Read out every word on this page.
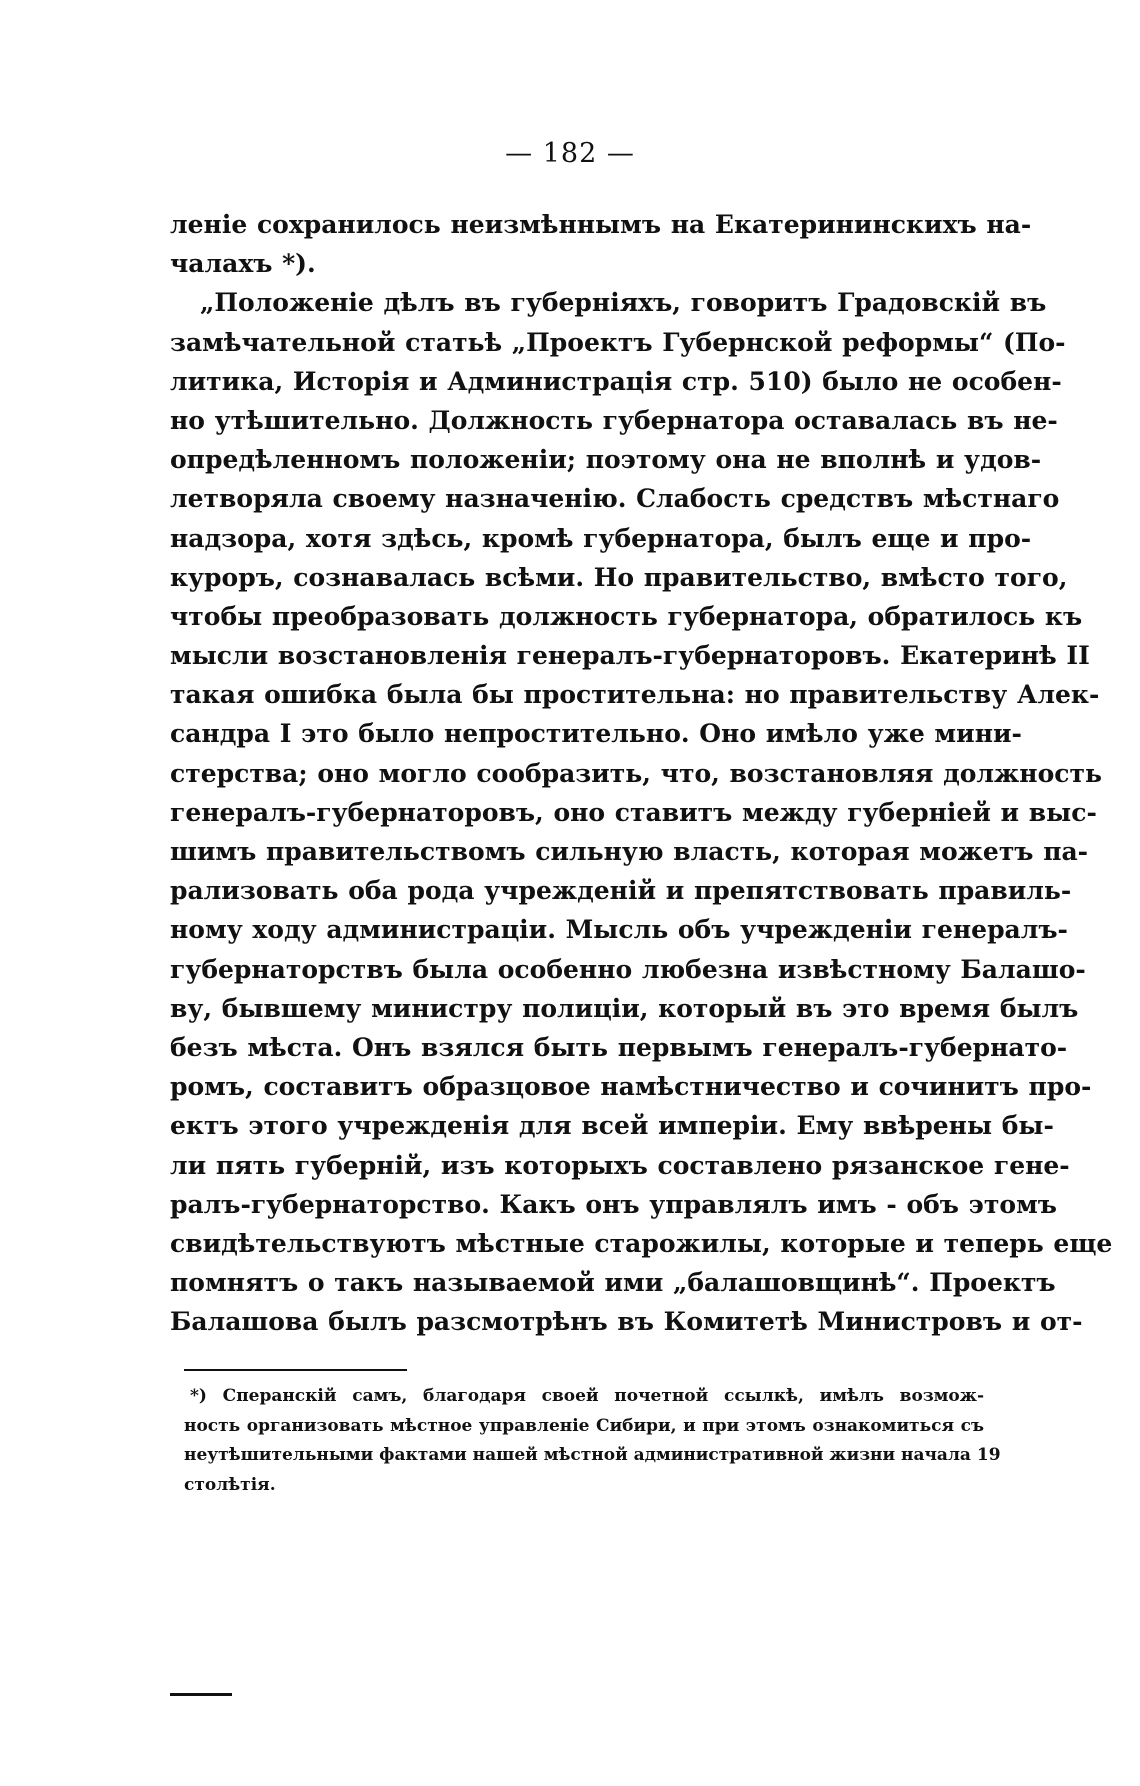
— 182 —
леніе сохранилось неизмѣннымъ на Екатерининскихъ на-
чалахъ *).
„Положеніе дѣлъ въ губерніяхъ, говоритъ Градовскій въ
замѣчательной статьѣ „Проектъ Губернской реформы“ (По-
литика, Исторія и Администрація стр. 510) было не особен-
но утѣшительно. Должность губернатора оставалась въ не-
опредѣленномъ положеніи; поэтому она не вполнѣ и удов-
летворяла своему назначенію. Слабость средствъ мѣстнаго
надзора, хотя здѣсь, кромѣ губернатора, былъ еще и про-
куроръ, сознавалась всѣми. Но правительство, вмѣсто того,
чтобы преобразовать должность губернатора, обратилось къ
мысли возстановленія генералъ-губернаторовъ. Екатеринѣ II
такая ошибка была бы простительна: но правительству Алек-
сандра I это было непростительно. Оно имѣло уже мини-
стерства; оно могло сообразить, что, возстановляя должность
генералъ-губернаторовъ, оно ставитъ между губерніей и выс-
шимъ правительствомъ сильную власть, которая можетъ па-
рализовать оба рода учрежденій и препятствовать правиль-
ному ходу администраціи. Мысль объ учрежденіи генералъ-
губернаторствъ была особенно любезна извѣстному Балашо-
ву, бывшему министру полиціи, который въ это время былъ
безъ мѣста. Онъ взялся быть первымъ генералъ-губернато-
ромъ, составитъ образцовое намѣстничество и сочинитъ про-
ектъ этого учрежденія для всей имперіи. Ему ввѣрены бы-
ли пять губерній, изъ которыхъ составлено рязанское гене-
ралъ-губернаторство. Какъ онъ управлялъ имъ - объ этомъ
свидѣтельствуютъ мѣстные старожилы, которые и теперь еще
помнятъ о такъ называемой ими „балашовщинѣ“. Проектъ
Балашова былъ разсмотрѣнъ въ Комитетѣ Министровъ и от-
*) Сперанскій самъ, благодаря своей почетной ссылкѣ, имѣлъ возмож-
ность организовать мѣстное управленіе Сибири, и при этомъ ознакомиться съ
неутѣшительными фактами нашей мѣстной административной жизни начала 19
столѣтія.
